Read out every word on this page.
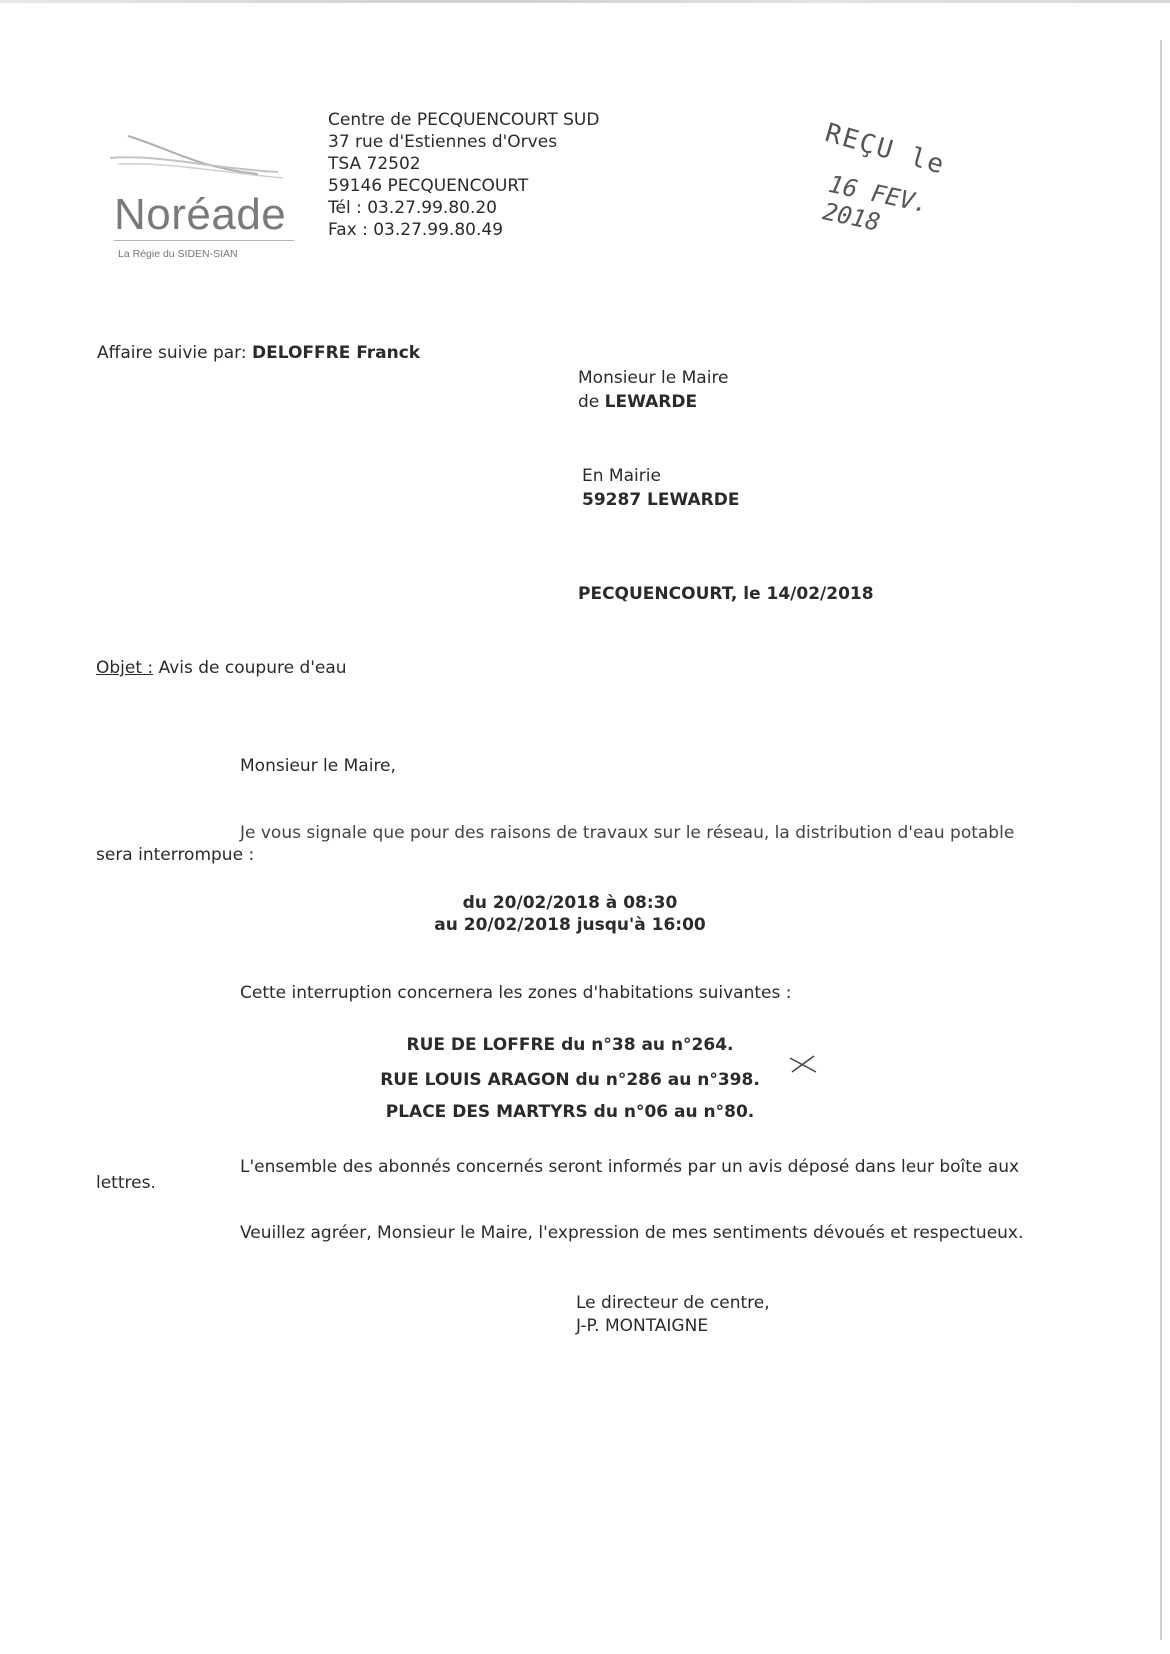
Noréade
La Régie du SIDEN-SIAN
Centre de PECQUENCOURT SUD
37 rue d'Estiennes d'Orves
TSA 72502
59146 PECQUENCOURT
Tél : 03.27.99.80.20
Fax : 03.27.99.80.49
REÇU le
16 FEV. 2018
Affaire suivie par: DELOFFRE Franck
Monsieur le Maire
de LEWARDE
En Mairie
59287 LEWARDE
PECQUENCOURT, le 14/02/2018
Objet : Avis de coupure d'eau
Monsieur le Maire,
Je vous signale que pour des raisons de travaux sur le réseau, la distribution d'eau potable
sera interrompue :
du 20/02/2018 à 08:30
au 20/02/2018 jusqu'à 16:00
Cette interruption concernera les zones d'habitations suivantes :
RUE DE LOFFRE du n°38 au n°264.
RUE LOUIS ARAGON du n°286 au n°398.
PLACE DES MARTYRS du n°06 au n°80.
L'ensemble des abonnés concernés seront informés par un avis déposé dans leur boîte aux
lettres.
Veuillez agréer, Monsieur le Maire, l'expression de mes sentiments dévoués et respectueux.
Le directeur de centre,
J-P. MONTAIGNE
